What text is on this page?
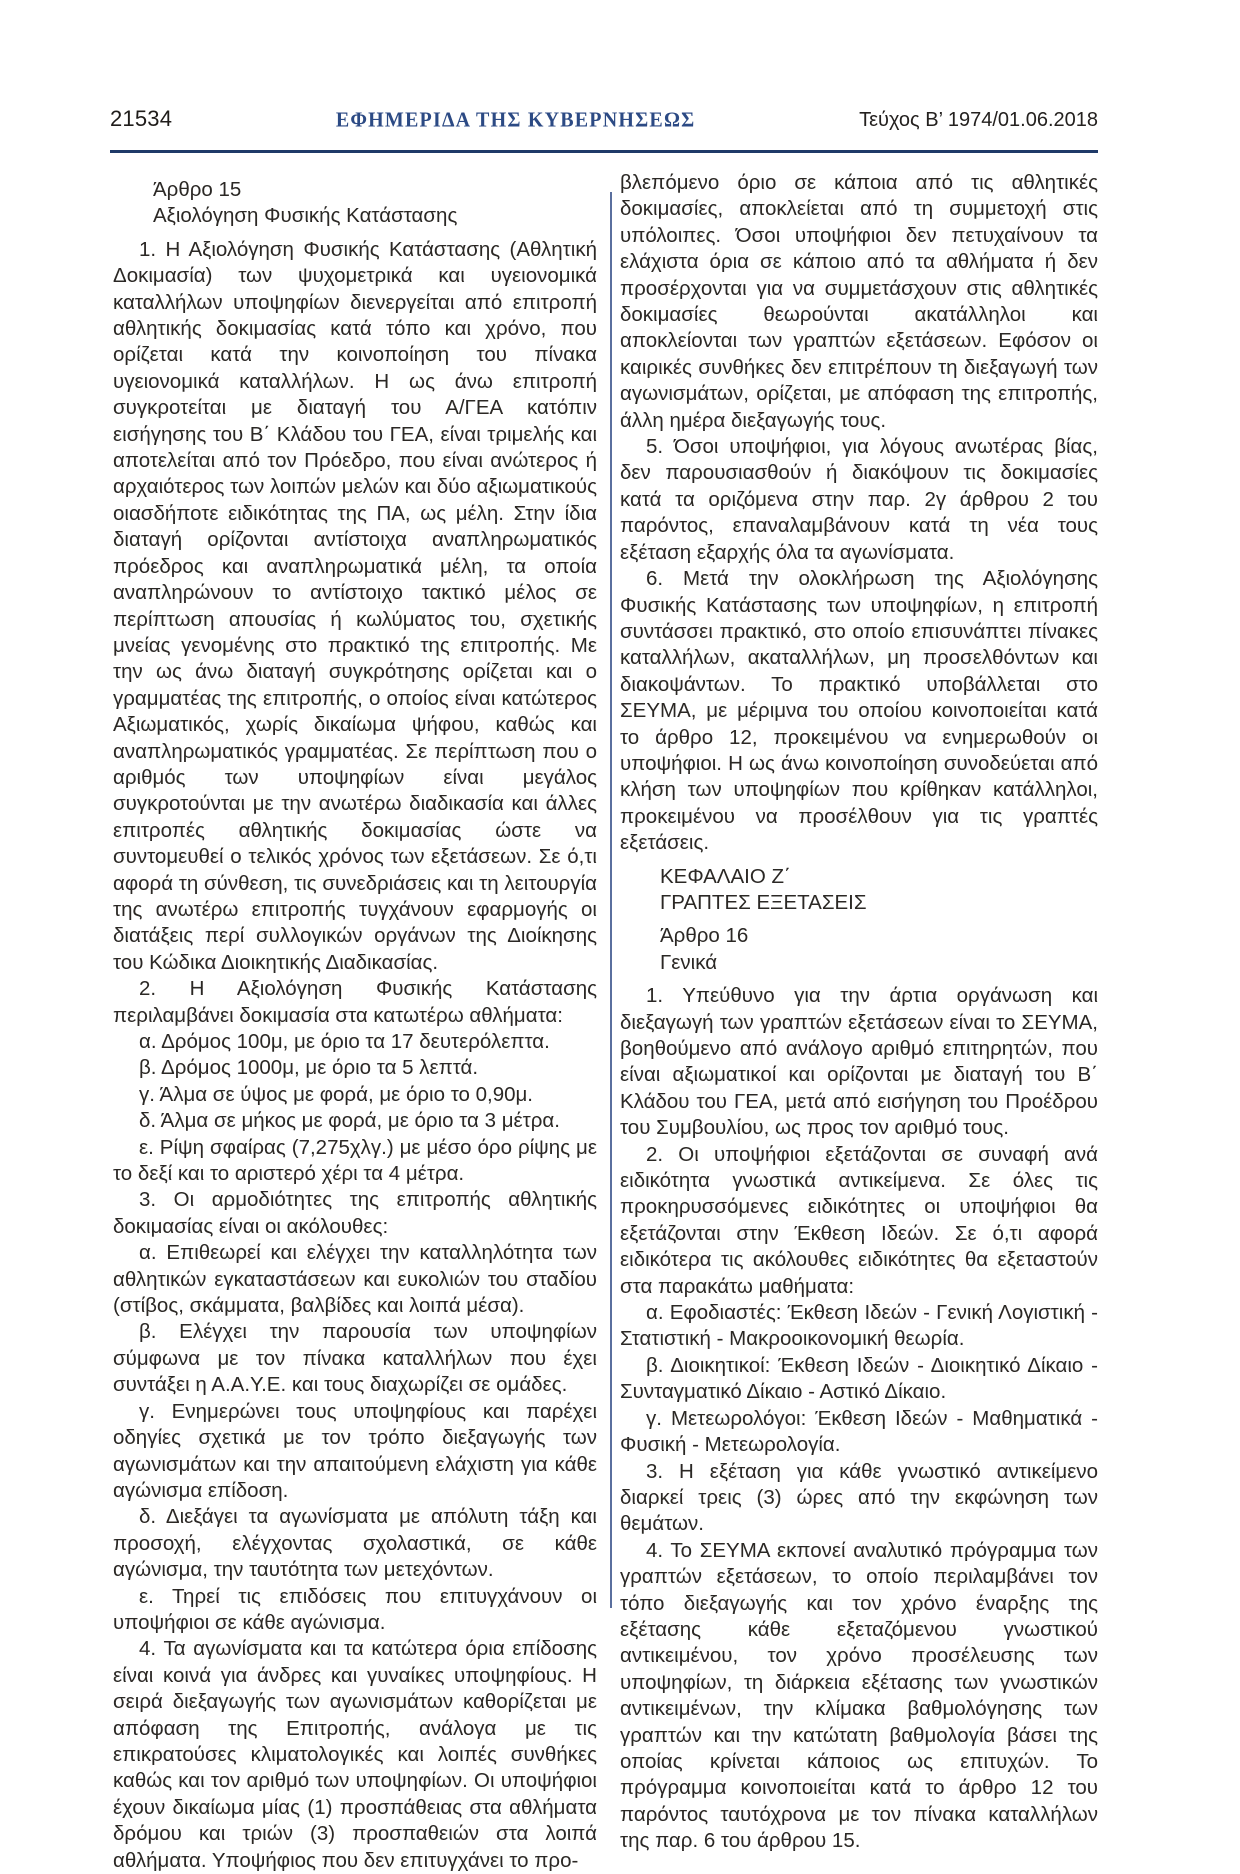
21534	ΕΦΗΜΕΡΙΔΑ ΤΗΣ ΚΥΒΕΡΝΗΣΕΩΣ	Τεύχος Β’ 1974/01.06.2018

Άρθρο 15

Αξιολόγηση Φυσικής Κατάστασης

1. Η Αξιολόγηση Φυσικής Κατάστασης (Αθλητική Δοκιμασία) των ψυχομετρικά και υγειονομικά καταλλήλων υποψηφίων διενεργείται από επιτροπή αθλητικής δοκιμασίας κατά τόπο και χρόνο, που ορίζεται κατά την κοινοποίηση του πίνακα υγειονομικά καταλλήλων. Η ως άνω επιτροπή συγκροτείται με διαταγή του Α/ΓΕΑ κατόπιν εισήγησης του Β΄ Κλάδου του ΓΕΑ, είναι τριμελής και αποτελείται από τον Πρόεδρο, που είναι ανώτερος ή αρχαιότερος των λοιπών μελών και δύο αξιωματικούς οιασδήποτε ειδικότητας της ΠΑ, ως μέλη. Στην ίδια διαταγή ορίζονται αντίστοιχα αναπληρωματικός πρόεδρος και αναπληρωματικά μέλη, τα οποία αναπληρώνουν το αντίστοιχο τακτικό μέλος σε περίπτωση απουσίας ή κωλύματος του, σχετικής μνείας γενομένης στο πρακτικό της επιτροπής. Με την ως άνω διαταγή συγκρότησης ορίζεται και ο γραμματέας της επιτροπής, ο οποίος είναι κατώτερος Αξιωματικός, χωρίς δικαίωμα ψήφου, καθώς και αναπληρωματικός γραμματέας. Σε περίπτωση που ο αριθμός των υποψηφίων είναι μεγάλος συγκροτούνται με την ανωτέρω διαδικασία και άλλες επιτροπές αθλητικής δοκιμασίας ώστε να συντομευθεί ο τελικός χρόνος των εξετάσεων. Σε ό,τι αφορά τη σύνθεση, τις συνεδριάσεις και τη λειτουργία της ανωτέρω επιτροπής τυγχάνουν εφαρμογής οι διατάξεις περί συλλογικών οργάνων της Διοίκησης του Κώδικα Διοικητικής Διαδικασίας.

2. Η Αξιολόγηση Φυσικής Κατάστασης περιλαμβάνει δοκιμασία στα κατωτέρω αθλήματα:

α. Δρόμος 100μ, με όριο τα 17 δευτερόλεπτα.

β. Δρόμος 1000μ, με όριο τα 5 λεπτά.

γ. Άλμα σε ύψος με φορά, με όριο το 0,90μ.

δ. Άλμα σε μήκος με φορά, με όριο τα 3 μέτρα.

ε. Ρίψη σφαίρας (7,275χλγ.) με μέσο όρο ρίψης με το δεξί και το αριστερό χέρι τα 4 μέτρα.

3. Οι αρμοδιότητες της επιτροπής αθλητικής δοκιμασίας είναι οι ακόλουθες:

α. Επιθεωρεί και ελέγχει την καταλληλότητα των αθλητικών εγκαταστάσεων και ευκολιών του σταδίου (στίβος, σκάμματα, βαλβίδες και λοιπά μέσα).

β. Ελέγχει την παρουσία των υποψηφίων σύμφωνα με τον πίνακα καταλλήλων που έχει συντάξει η Α.Α.Υ.Ε. και τους διαχωρίζει σε ομάδες.

γ. Ενημερώνει τους υποψηφίους και παρέχει οδηγίες σχετικά με τον τρόπο διεξαγωγής των αγωνισμάτων και την απαιτούμενη ελάχιστη για κάθε αγώνισμα επίδοση.

δ. Διεξάγει τα αγωνίσματα με απόλυτη τάξη και προσοχή, ελέγχοντας σχολαστικά, σε κάθε αγώνισμα, την ταυτότητα των μετεχόντων.

ε. Τηρεί τις επιδόσεις που επιτυγχάνουν οι υποψήφιοι σε κάθε αγώνισμα.

4. Τα αγωνίσματα και τα κατώτερα όρια επίδοσης είναι κοινά για άνδρες και γυναίκες υποψηφίους. Η σειρά διεξαγωγής των αγωνισμάτων καθορίζεται με απόφαση της Επιτροπής, ανάλογα με τις επικρατούσες κλιματολογικές και λοιπές συνθήκες καθώς και τον αριθμό των υποψηφίων. Οι υποψήφιοι έχουν δικαίωμα μίας (1) προσπάθειας στα αθλήματα δρόμου και τριών (3) προσπαθειών στα λοιπά αθλήματα. Υποψήφιος που δεν επιτυγχάνει το προ-

βλεπόμενο όριο σε κάποια από τις αθλητικές δοκιμασίες, αποκλείεται από τη συμμετοχή στις υπόλοιπες. Όσοι υποψήφιοι δεν πετυχαίνουν τα ελάχιστα όρια σε κάποιο από τα αθλήματα ή δεν προσέρχονται για να συμμετάσχουν στις αθλητικές δοκιμασίες θεωρούνται ακατάλληλοι και αποκλείονται των γραπτών εξετάσεων. Εφόσον οι καιρικές συνθήκες δεν επιτρέπουν τη διεξαγωγή των αγωνισμάτων, ορίζεται, με απόφαση της επιτροπής, άλλη ημέρα διεξαγωγής τους.

5. Όσοι υποψήφιοι, για λόγους ανωτέρας βίας, δεν παρουσιασθούν ή διακόψουν τις δοκιμασίες κατά τα οριζόμενα στην παρ. 2γ άρθρου 2 του παρόντος, επαναλαμβάνουν κατά τη νέα τους εξέταση εξαρχής όλα τα αγωνίσματα.

6. Μετά την ολοκλήρωση της Αξιολόγησης Φυσικής Κατάστασης των υποψηφίων, η επιτροπή συντάσσει πρακτικό, στο οποίο επισυνάπτει πίνακες καταλλήλων, ακαταλλήλων, μη προσελθόντων και διακοψάντων. Το πρακτικό υποβάλλεται στο ΣΕΥΜΑ, με μέριμνα του οποίου κοινοποιείται κατά το άρθρο 12, προκειμένου να ενημερωθούν οι υποψήφιοι. Η ως άνω κοινοποίηση συνοδεύεται από κλήση των υποψηφίων που κρίθηκαν κατάλληλοι, προκειμένου να προσέλθουν για τις γραπτές εξετάσεις.

ΚΕΦΑΛΑΙΟ Ζ΄

ΓΡΑΠΤΕΣ ΕΞΕΤΑΣΕΙΣ

Άρθρο 16

Γενικά

1. Υπεύθυνο για την άρτια οργάνωση και διεξαγωγή των γραπτών εξετάσεων είναι το ΣΕΥΜΑ, βοηθούμενο από ανάλογο αριθμό επιτηρητών, που είναι αξιωματικοί και ορίζονται με διαταγή του Β΄ Κλάδου του ΓΕΑ, μετά από εισήγηση του Προέδρου του Συμβουλίου, ως προς τον αριθμό τους.

2. Οι υποψήφιοι εξετάζονται σε συναφή ανά ειδικότητα γνωστικά αντικείμενα. Σε όλες τις προκηρυσσόμενες ειδικότητες οι υποψήφιοι θα εξετάζονται στην Έκθεση Ιδεών. Σε ό,τι αφορά ειδικότερα τις ακόλουθες ειδικότητες θα εξεταστούν στα παρακάτω μαθήματα:

α. Εφοδιαστές: Έκθεση Ιδεών - Γενική Λογιστική - Στατιστική - Μακροοικονομική θεωρία.

β. Διοικητικοί: Έκθεση Ιδεών - Διοικητικό Δίκαιο - Συνταγματικό Δίκαιο - Αστικό Δίκαιο.

γ. Μετεωρολόγοι: Έκθεση Ιδεών - Μαθηματικά - Φυσική - Μετεωρολογία.

3. Η εξέταση για κάθε γνωστικό αντικείμενο διαρκεί τρεις (3) ώρες από την εκφώνηση των θεμάτων.

4. Το ΣΕΥΜΑ εκπονεί αναλυτικό πρόγραμμα των γραπτών εξετάσεων, το οποίο περιλαμβάνει τον τόπο διεξαγωγής και τον χρόνο έναρξης της εξέτασης κάθε εξεταζόμενου γνωστικού αντικειμένου, τον χρόνο προσέλευσης των υποψηφίων, τη διάρκεια εξέτασης των γνωστικών αντικειμένων, την κλίμακα βαθμολόγησης των γραπτών και την κατώτατη βαθμολογία βάσει της οποίας κρίνεται κάποιος ως επιτυχών. Το πρόγραμμα κοινοποιείται κατά το άρθρο 12 του παρόντος ταυτόχρονα με τον πίνακα καταλλήλων της παρ. 6 του άρθρου 15.
